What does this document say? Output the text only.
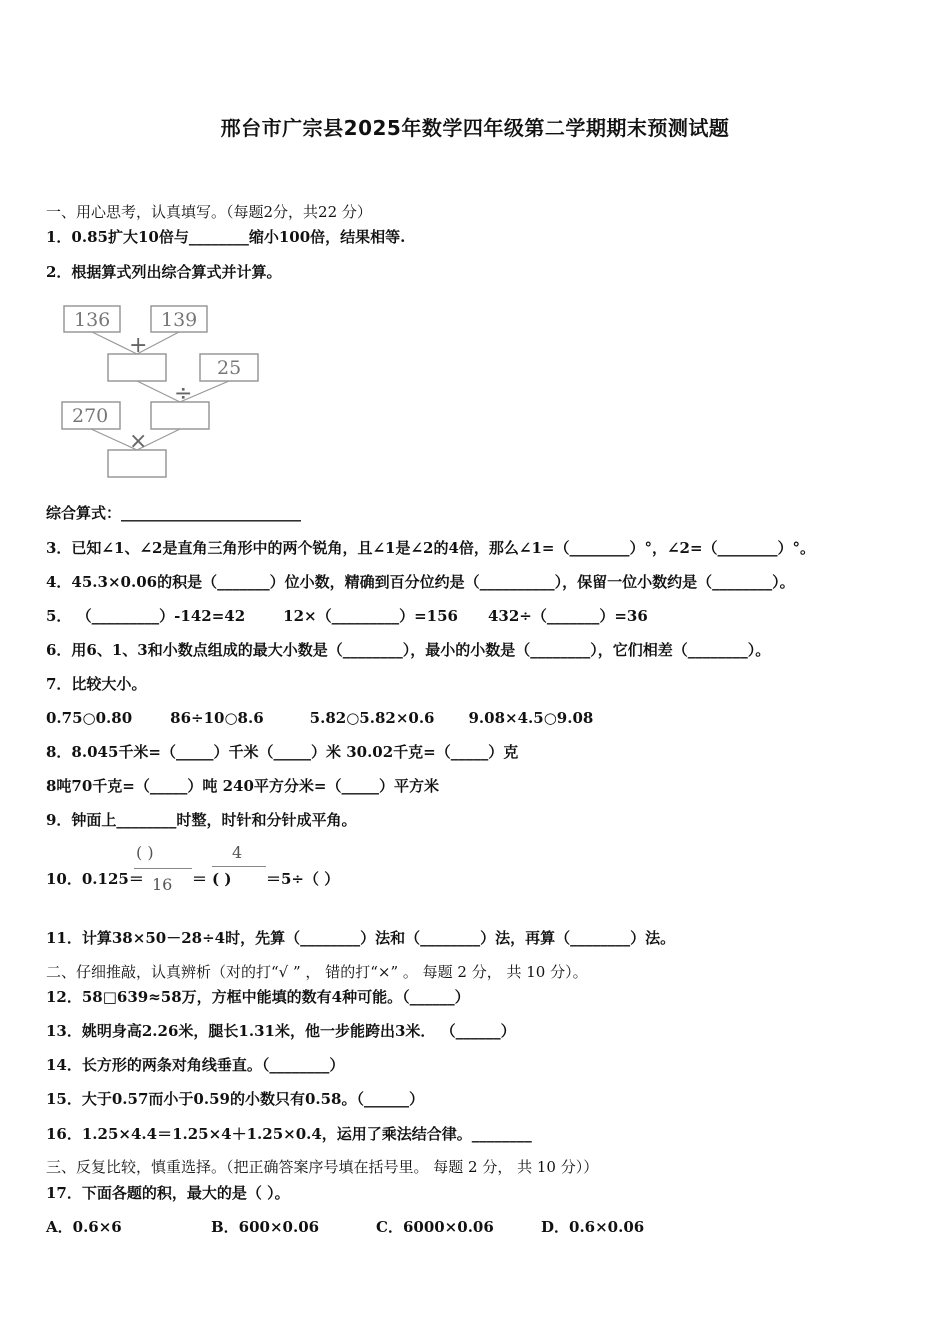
邢台市广宗县2025年数学四年级第二学期期末预测试题
一、用心思考，认真填写。（每题2分，共22 分）
1．0.85扩大10倍与________缩小100倍，结果相等.
2．根据算式列出综合算式并计算。
136	139
25
270
+
÷
×
综合算式：________________________
3．已知∠1、∠2是直角三角形中的两个锐角，且∠1是∠2的4倍，那么∠1=（________）°，∠2=（________）°。
4．45.3×0.06的积是（_______）位小数，精确到百分位约是（__________），保留一位小数约是（________）。
5． （_________）-142=42	12×（_________）=156 432÷（_______）=36
6．用6、1、3和小数点组成的最大小数是（________），最小的小数是（________），它们相差（________）。
7．比较大小。
0.75○0.80	86÷10○8.6	5.82○5.82×0.6 9.08×4.5○9.08
8．8.045千米=（_____）千米（_____）米 30.02千克=（_____）克
8吨70千克=（_____）吨 240平方分米=（_____）平方米
9．钟面上________时整，时针和分针成平角。
10．0.125＝
( )
16 ＝
4
( ) ＝5÷（ ）
11．计算38×50－28÷4时，先算（________）法和（________）法，再算（________）法。
二、仔细推敲，认真辨析（对的打“√ ” ， 错的打“×” 。 每题 2 分， 共 10 分）。
12．58□639≈58万，方框中能填的数有4种可能。（______）
13．姚明身高2.26米，腿长1.31米，他一步能跨出3米． （______）
14．长方形的两条对角线垂直。（________）
15．大于0.57而小于0.59的小数只有0.58。（______）
16．1.25×4.4＝1.25×4＋1.25×0.4，运用了乘法结合律。________
三、反复比较，慎重选择。（把正确答案序号填在括号里。 每题 2 分， 共 10 分））
17．下面各题的积，最大的是（ ）。
A．0.6×6	B．600×0.06	C．6000×0.06	D．0.6×0.06
